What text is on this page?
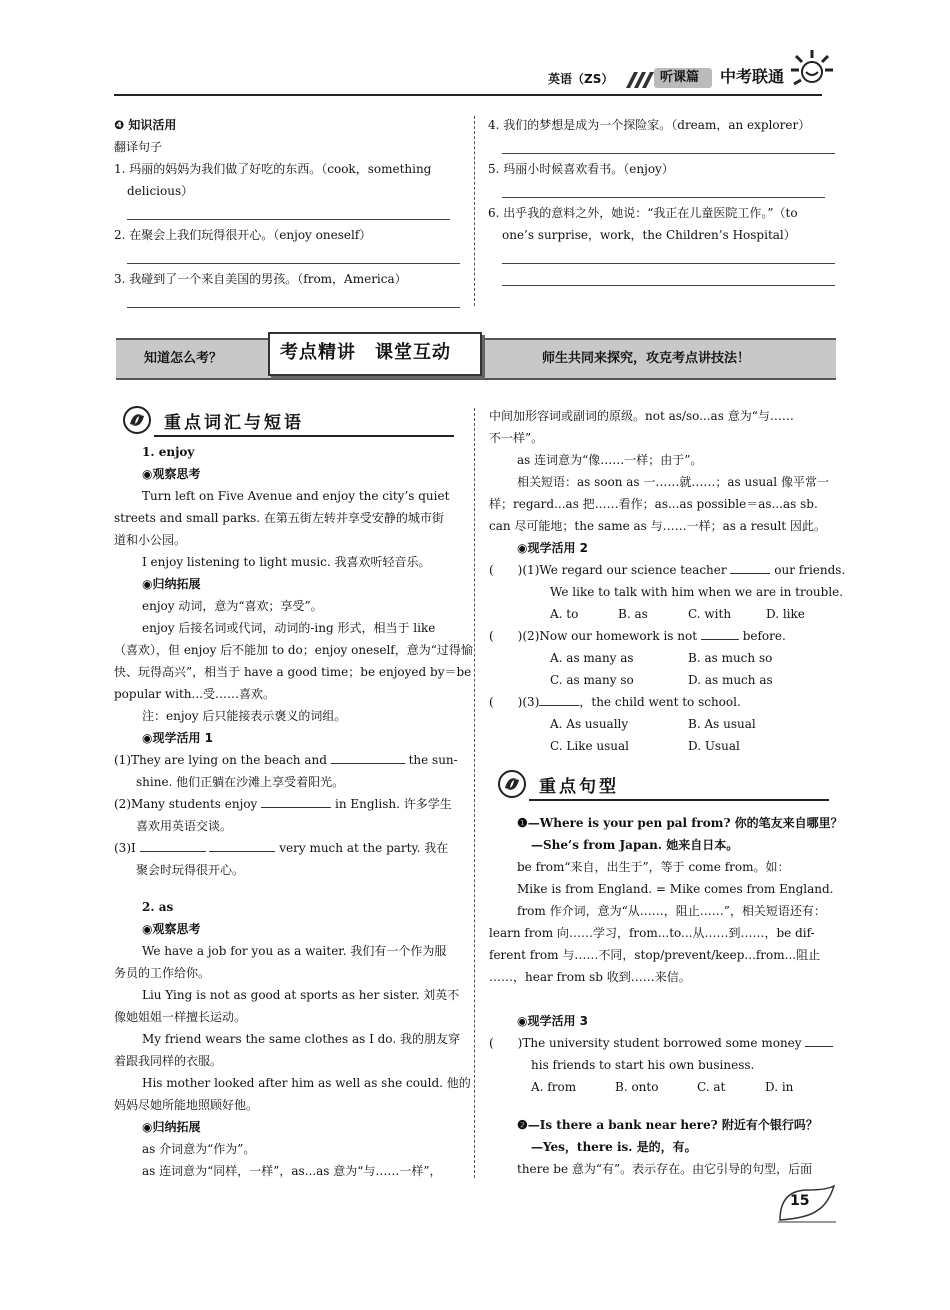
英语（ZS）	听课篇 中考联通
❹ 知识活用
翻译句子
1. 玛丽的妈妈为我们做了好吃的东西。（cook，something
delicious）
2. 在聚会上我们玩得很开心。（enjoy oneself）
3. 我碰到了一个来自美国的男孩。（from，America）
4. 我们的梦想是成为一个探险家。（dream，an explorer）
5. 玛丽小时候喜欢看书。（enjoy）
6. 出乎我的意料之外，她说：“我正在儿童医院工作。”（to
one’s surprise，work，the Children’s Hospital）
知道怎么考？	考点精讲　课堂互动	师生共同来探究，攻克考点讲技法！
重点词汇与短语
1. enjoy
◉观察思考
Turn left on Five Avenue and enjoy the city’s quiet
streets and small parks. 在第五街左转并享受安静的城市街
道和小公园。
I enjoy listening to light music. 我喜欢听轻音乐。
◉归纳拓展
enjoy 动词，意为“喜欢；享受”。
enjoy 后接名词或代词，动词的-ing 形式，相当于 like
（喜欢），但 enjoy 后不能加 to do；enjoy oneself，意为“过得愉
快、玩得高兴”，相当于 have a good time；be enjoyed by＝be
popular with...受……喜欢。
注：enjoy 后只能接表示褒义的词组。
◉现学活用 1
(1)They are lying on the beach and	the sun-
shine. 他们正躺在沙滩上享受着阳光。
(2)Many students enjoy	in English. 许多学生
喜欢用英语交谈。
(3)I	very much at the party. 我在
聚会时玩得很开心。
2. as
◉观察思考
We have a job for you as a waiter. 我们有一个作为服
务员的工作给你。
Liu Ying is not as good at sports as her sister. 刘英不
像她姐姐一样擅长运动。
My friend wears the same clothes as I do. 我的朋友穿
着跟我同样的衣服。
His mother looked after him as well as she could. 他的
妈妈尽她所能地照顾好他。
◉归纳拓展
as 介词意为“作为”。
as 连词意为“同样，一样”，as...as 意为“与……一样”，
中间加形容词或副词的原级。not as/so...as 意为“与……
不一样”。
as 连词意为“像……一样；由于”。
相关短语：as soon as 一……就……；as usual 像平常一
样；regard...as 把……看作；as...as possible＝as...as sb.
can 尽可能地；the same as 与……一样；as a result 因此。
◉现学活用 2
(　　)(1)We regard our science teacher	our friends.
We like to talk with him when we are in trouble.
A. to	B. as	C. with	D. like
(　　)(2)Now our homework is not	before.
A. as many as	B. as much so
C. as many so	D. as much as
(　　)(3)	，the child went to school.
A. As usually	B. As usual
C. Like usual	D. Usual
重点句型
❶—Where is your pen pal from? 你的笔友来自哪里？
—She’s from Japan. 她来自日本。
be from“来自，出生于”，等于 come from。如：
Mike is from England. = Mike comes from England.
from 作介词，意为“从……，阻止……”，相关短语还有：
learn from 向……学习，from...to...从……到……，be dif-
ferent from 与……不同，stop/prevent/keep...from...阻止
……，hear from sb 收到……来信。
◉现学活用 3
(　　)The university student borrowed some money
his friends to start his own business.
A. from	B. onto	C. at	D. in
❷—Is there a bank near here? 附近有个银行吗？
—Yes，there is. 是的，有。
there be 意为“有”。表示存在。由它引导的句型，后面
15
